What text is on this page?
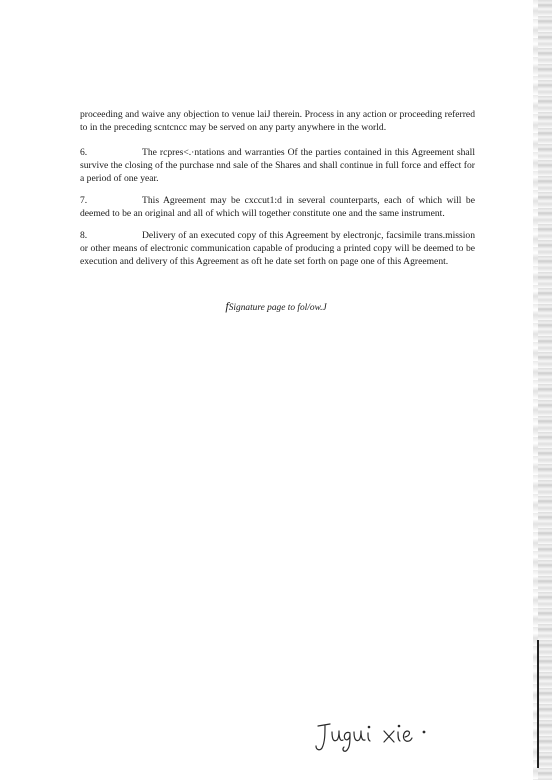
proceeding and waive any objection to venue laiJ therein. Process in any action or proceeding referred to in the preceding scntcncc may be served on any party anywhere in the world.
6.	The rcpres<.·ntations and warranties Of the parties contained in this Agreement shall survive the closing of the purchase nnd sale of the Shares and shall continue in full force and effect for a period of one year.
7.	This Agreement may be cxccut1:d in several counterparts, each of which will be deemed to be an original and all of which will together constitute one and the same instrument.
8.	Delivery of an executed copy of this Agreement by electronjc, facsimile trans.mission or other means of electronic communication capable of producing a printed copy will be deemed to be execution and delivery of this Agreement as oft he date set forth on page one of this Agreement.
fSignature page to fol/ow.J
